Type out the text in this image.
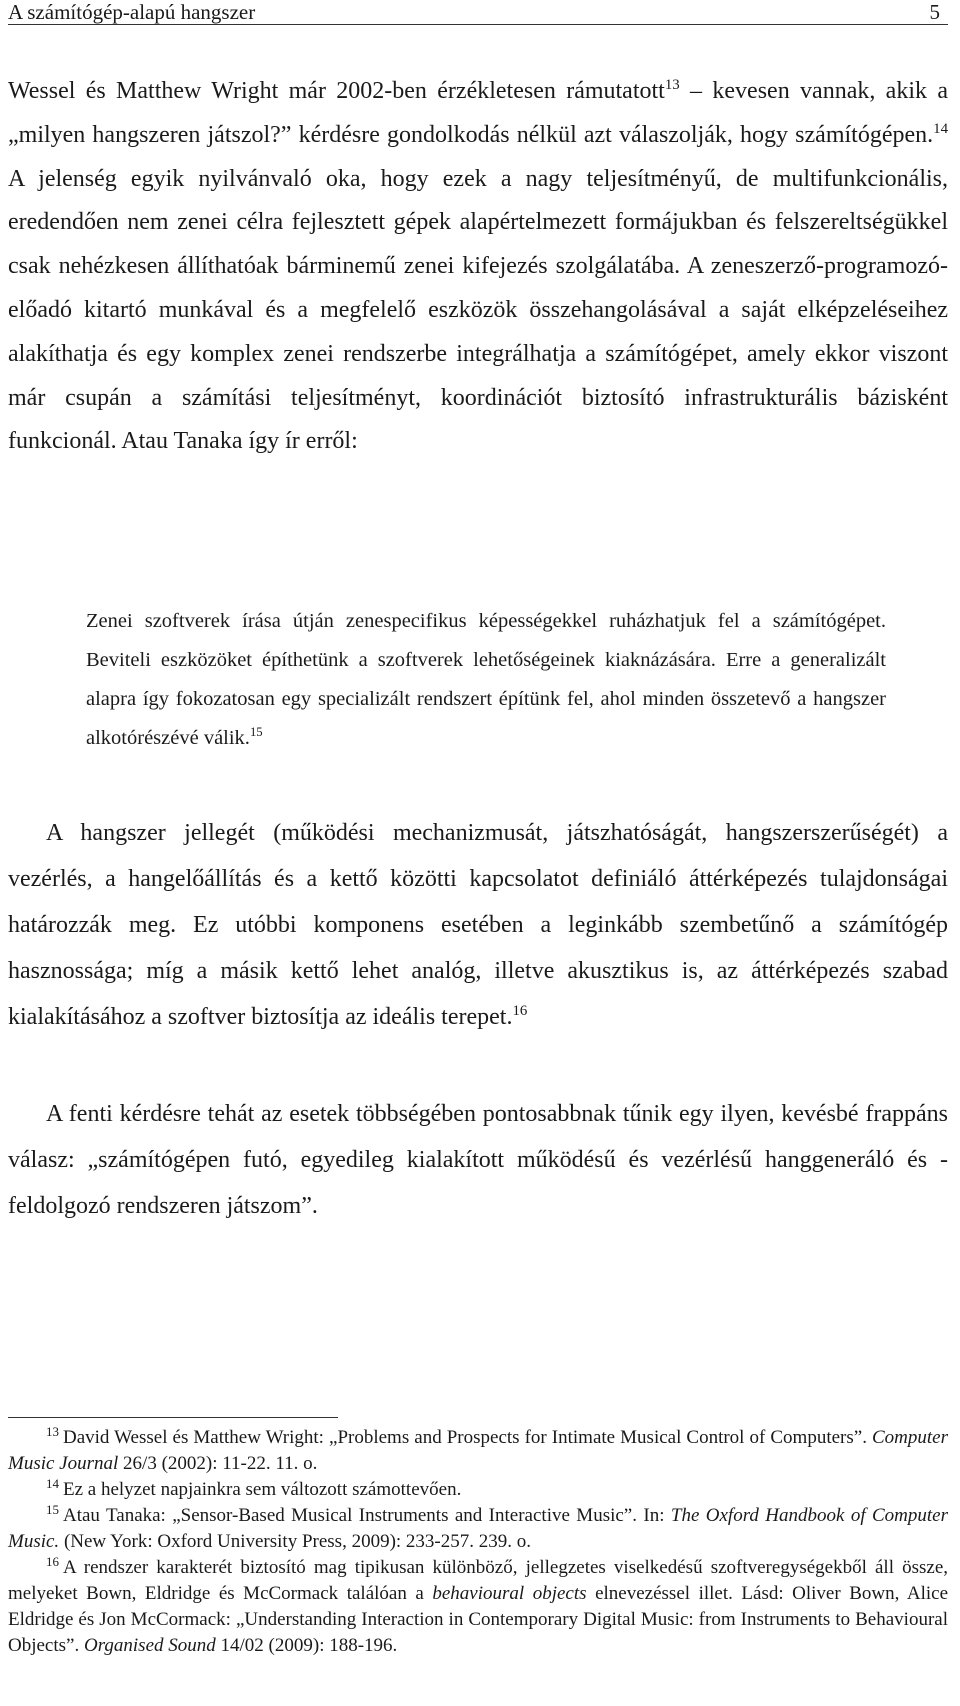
A számítógép-alapú hangszer	5

Wessel és Matthew Wright már 2002-ben érzékletesen rámutatott$^{13}$ – kevesen vannak, akik a „milyen hangszeren játszol?” kérdésre gondolkodás nélkül azt válaszolják, hogy számítógépen.$^{14}$ A jelenség egyik nyilvánvaló oka, hogy ezek a nagy teljesítményű, de multifunkcionális, eredendően nem zenei célra fejlesztett gépek alapértelmezett formájukban és felszereltségükkel csak nehézkesen állíthatóak bárminemű zenei kifejezés szolgálatába. A zeneszerző-programozó-előadó kitartó munkával és a megfelelő eszközök összehangolásával a saját elképzeléseihez alakíthatja és egy komplex zenei rendszerbe integrálhatja a számítógépet, amely ekkor viszont már csupán a számítási teljesítményt, koordinációt biztosító infrastrukturális bázisként funkcionál. Atau Tanaka így ír erről:

Zenei szoftverek írása útján zenespecifikus képességekkel ruházhatjuk fel a számítógépet. Beviteli eszközöket építhetünk a szoftverek lehetőségeinek kiaknázására. Erre a generalizált alapra így fokozatosan egy specializált rendszert építünk fel, ahol minden összetevő a hangszer alkotórészévé válik.$^{15}$

A hangszer jellegét (működési mechanizmusát, játszhatóságát, hangszerszerűségét) a vezérlés, a hangelőállítás és a kettő közötti kapcsolatot definiáló áttérképezés tulajdonságai határozzák meg. Ez utóbbi komponens esetében a leginkább szembetűnő a számítógép hasznossága; míg a másik kettő lehet analóg, illetve akusztikus is, az áttérképezés szabad kialakításához a szoftver biztosítja az ideális terepet.$^{16}$

A fenti kérdésre tehát az esetek többségében pontosabbnak tűnik egy ilyen, kevésbé frappáns válasz: „számítógépen futó, egyedileg kialakított működésű és vezérlésű hanggeneráló és -feldolgozó rendszeren játszom”.

$^{13}$ David Wessel és Matthew Wright: „Problems and Prospects for Intimate Musical Control of Computers”. Computer Music Journal 26/3 (2002): 11-22. 11. o.

$^{14}$ Ez a helyzet napjainkra sem változott számottevően.

$^{15}$ Atau Tanaka: „Sensor-Based Musical Instruments and Interactive Music”. In: The Oxford Handbook of Computer Music. (New York: Oxford University Press, 2009): 233-257. 239. o.

$^{16}$ A rendszer karakterét biztosító mag tipikusan különböző, jellegzetes viselkedésű szoftveregységekből áll össze, melyeket Bown, Eldridge és McCormack találóan a behavioural objects elnevezéssel illet. Lásd: Oliver Bown, Alice Eldridge és Jon McCormack: „Understanding Interaction in Contemporary Digital Music: from Instruments to Behavioural Objects”. Organised Sound 14/02 (2009): 188-196.
